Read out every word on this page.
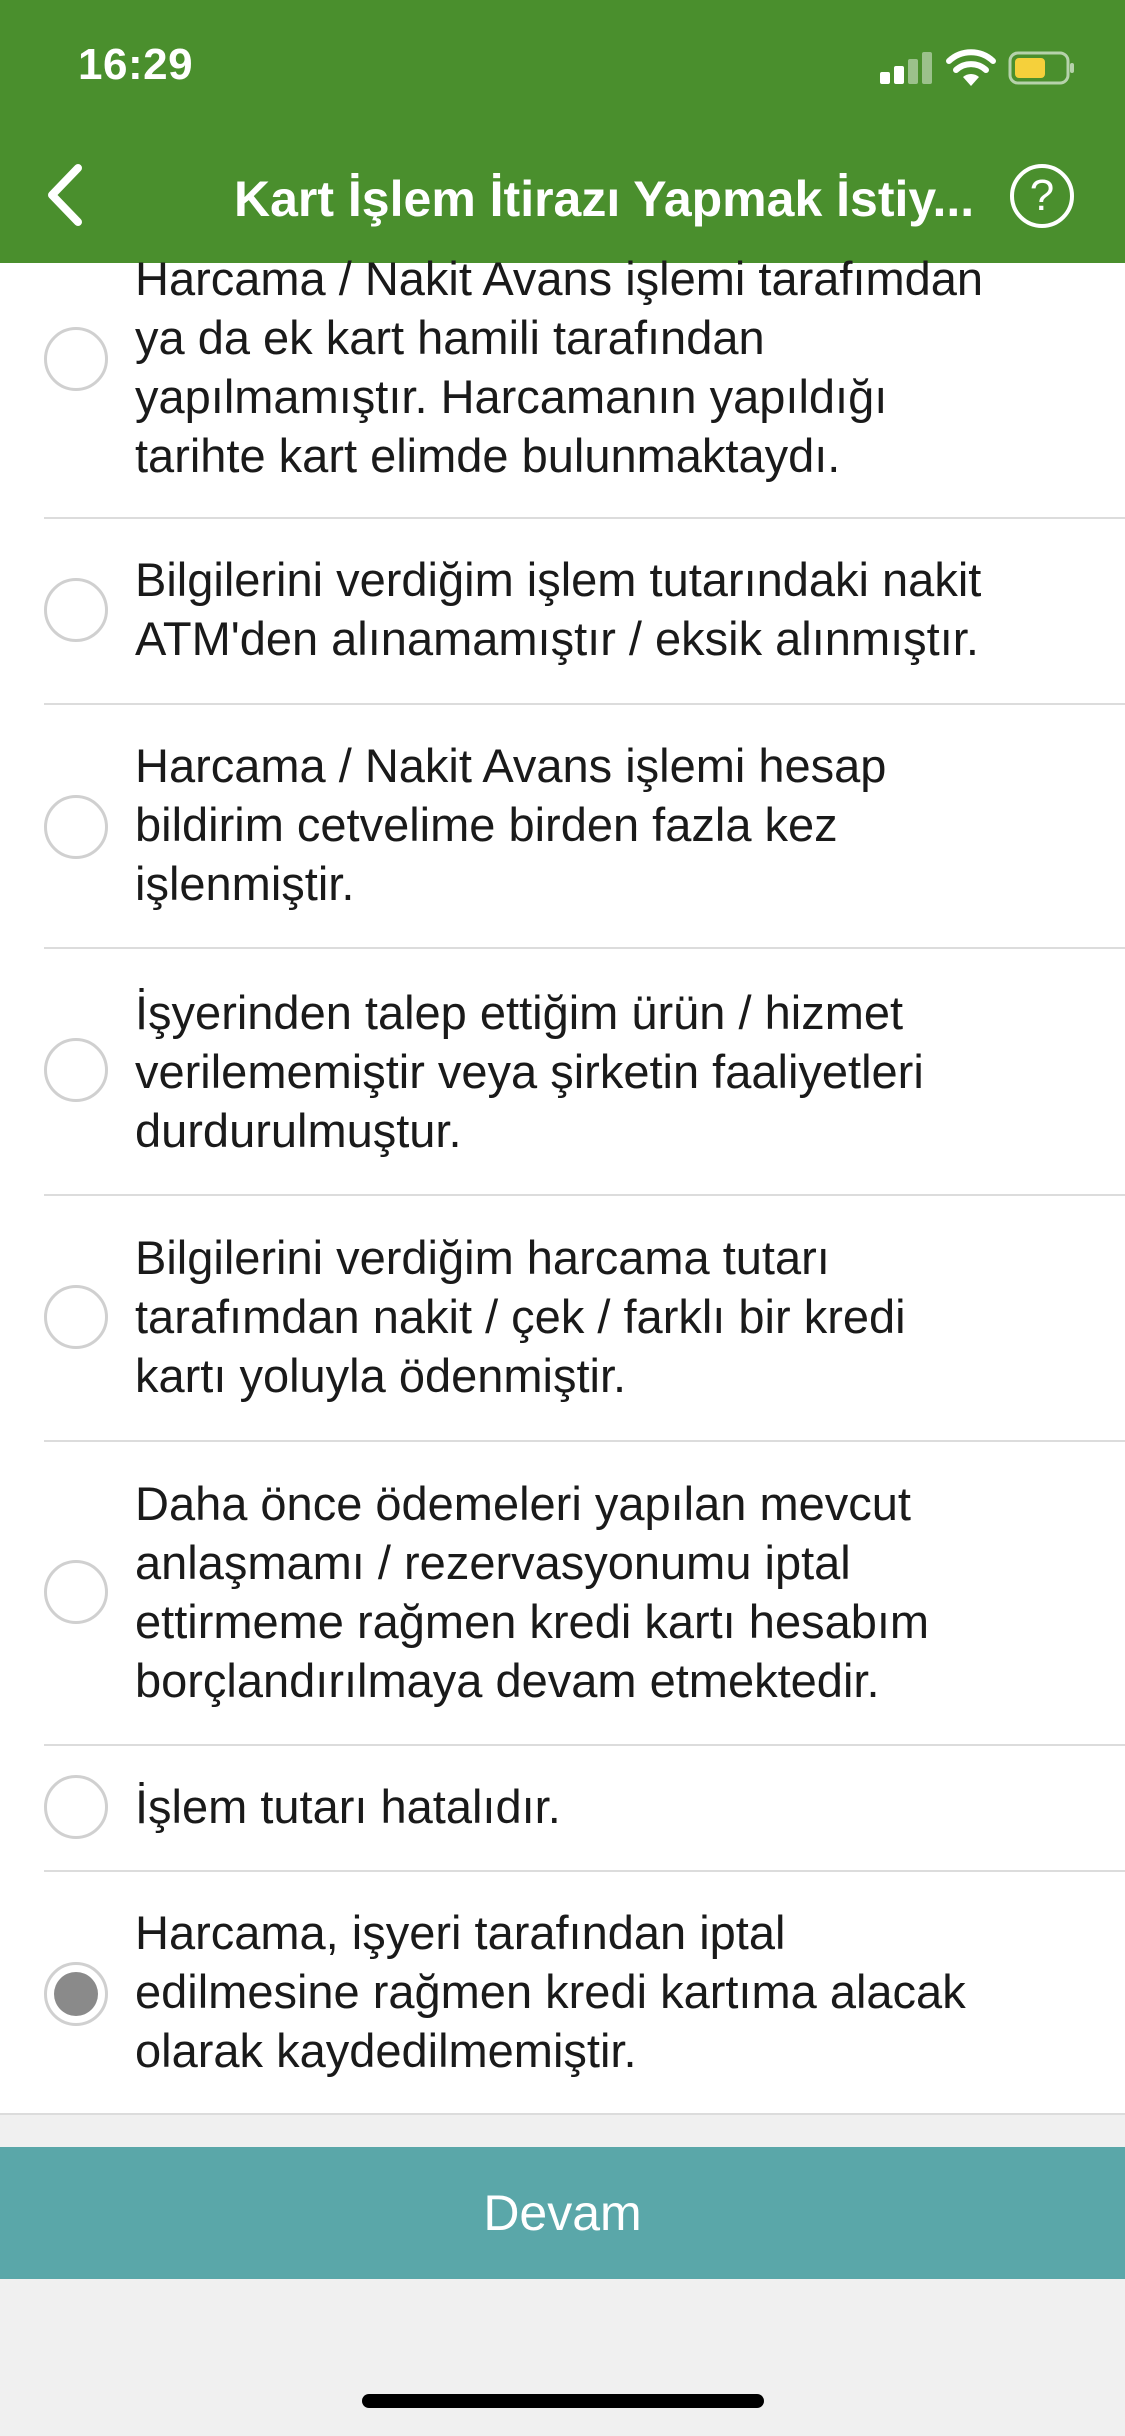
16:29
Kart İşlem İtirazı Yapmak İstiy...	?
Harcama / Nakit Avans işlemi tarafımdan
ya da ek kart hamili tarafından
yapılmamıştır. Harcamanın yapıldığı
tarihte kart elimde bulunmaktaydı.
Bilgilerini verdiğim işlem tutarındaki nakit
ATM'den alınamamıştır / eksik alınmıştır.
Harcama / Nakit Avans işlemi hesap
bildirim cetvelime birden fazla kez
işlenmiştir.
İşyerinden talep ettiğim ürün / hizmet
verilememiştir veya şirketin faaliyetleri
durdurulmuştur.
Bilgilerini verdiğim harcama tutarı
tarafımdan nakit / çek / farklı bir kredi
kartı yoluyla ödenmiştir.
Daha önce ödemeleri yapılan mevcut
anlaşmamı / rezervasyonumu iptal
ettirmeme rağmen kredi kartı hesabım
borçlandırılmaya devam etmektedir.
İşlem tutarı hatalıdır.
Harcama, işyeri tarafından iptal
edilmesine rağmen kredi kartıma alacak
olarak kaydedilmemiştir.
Devam
